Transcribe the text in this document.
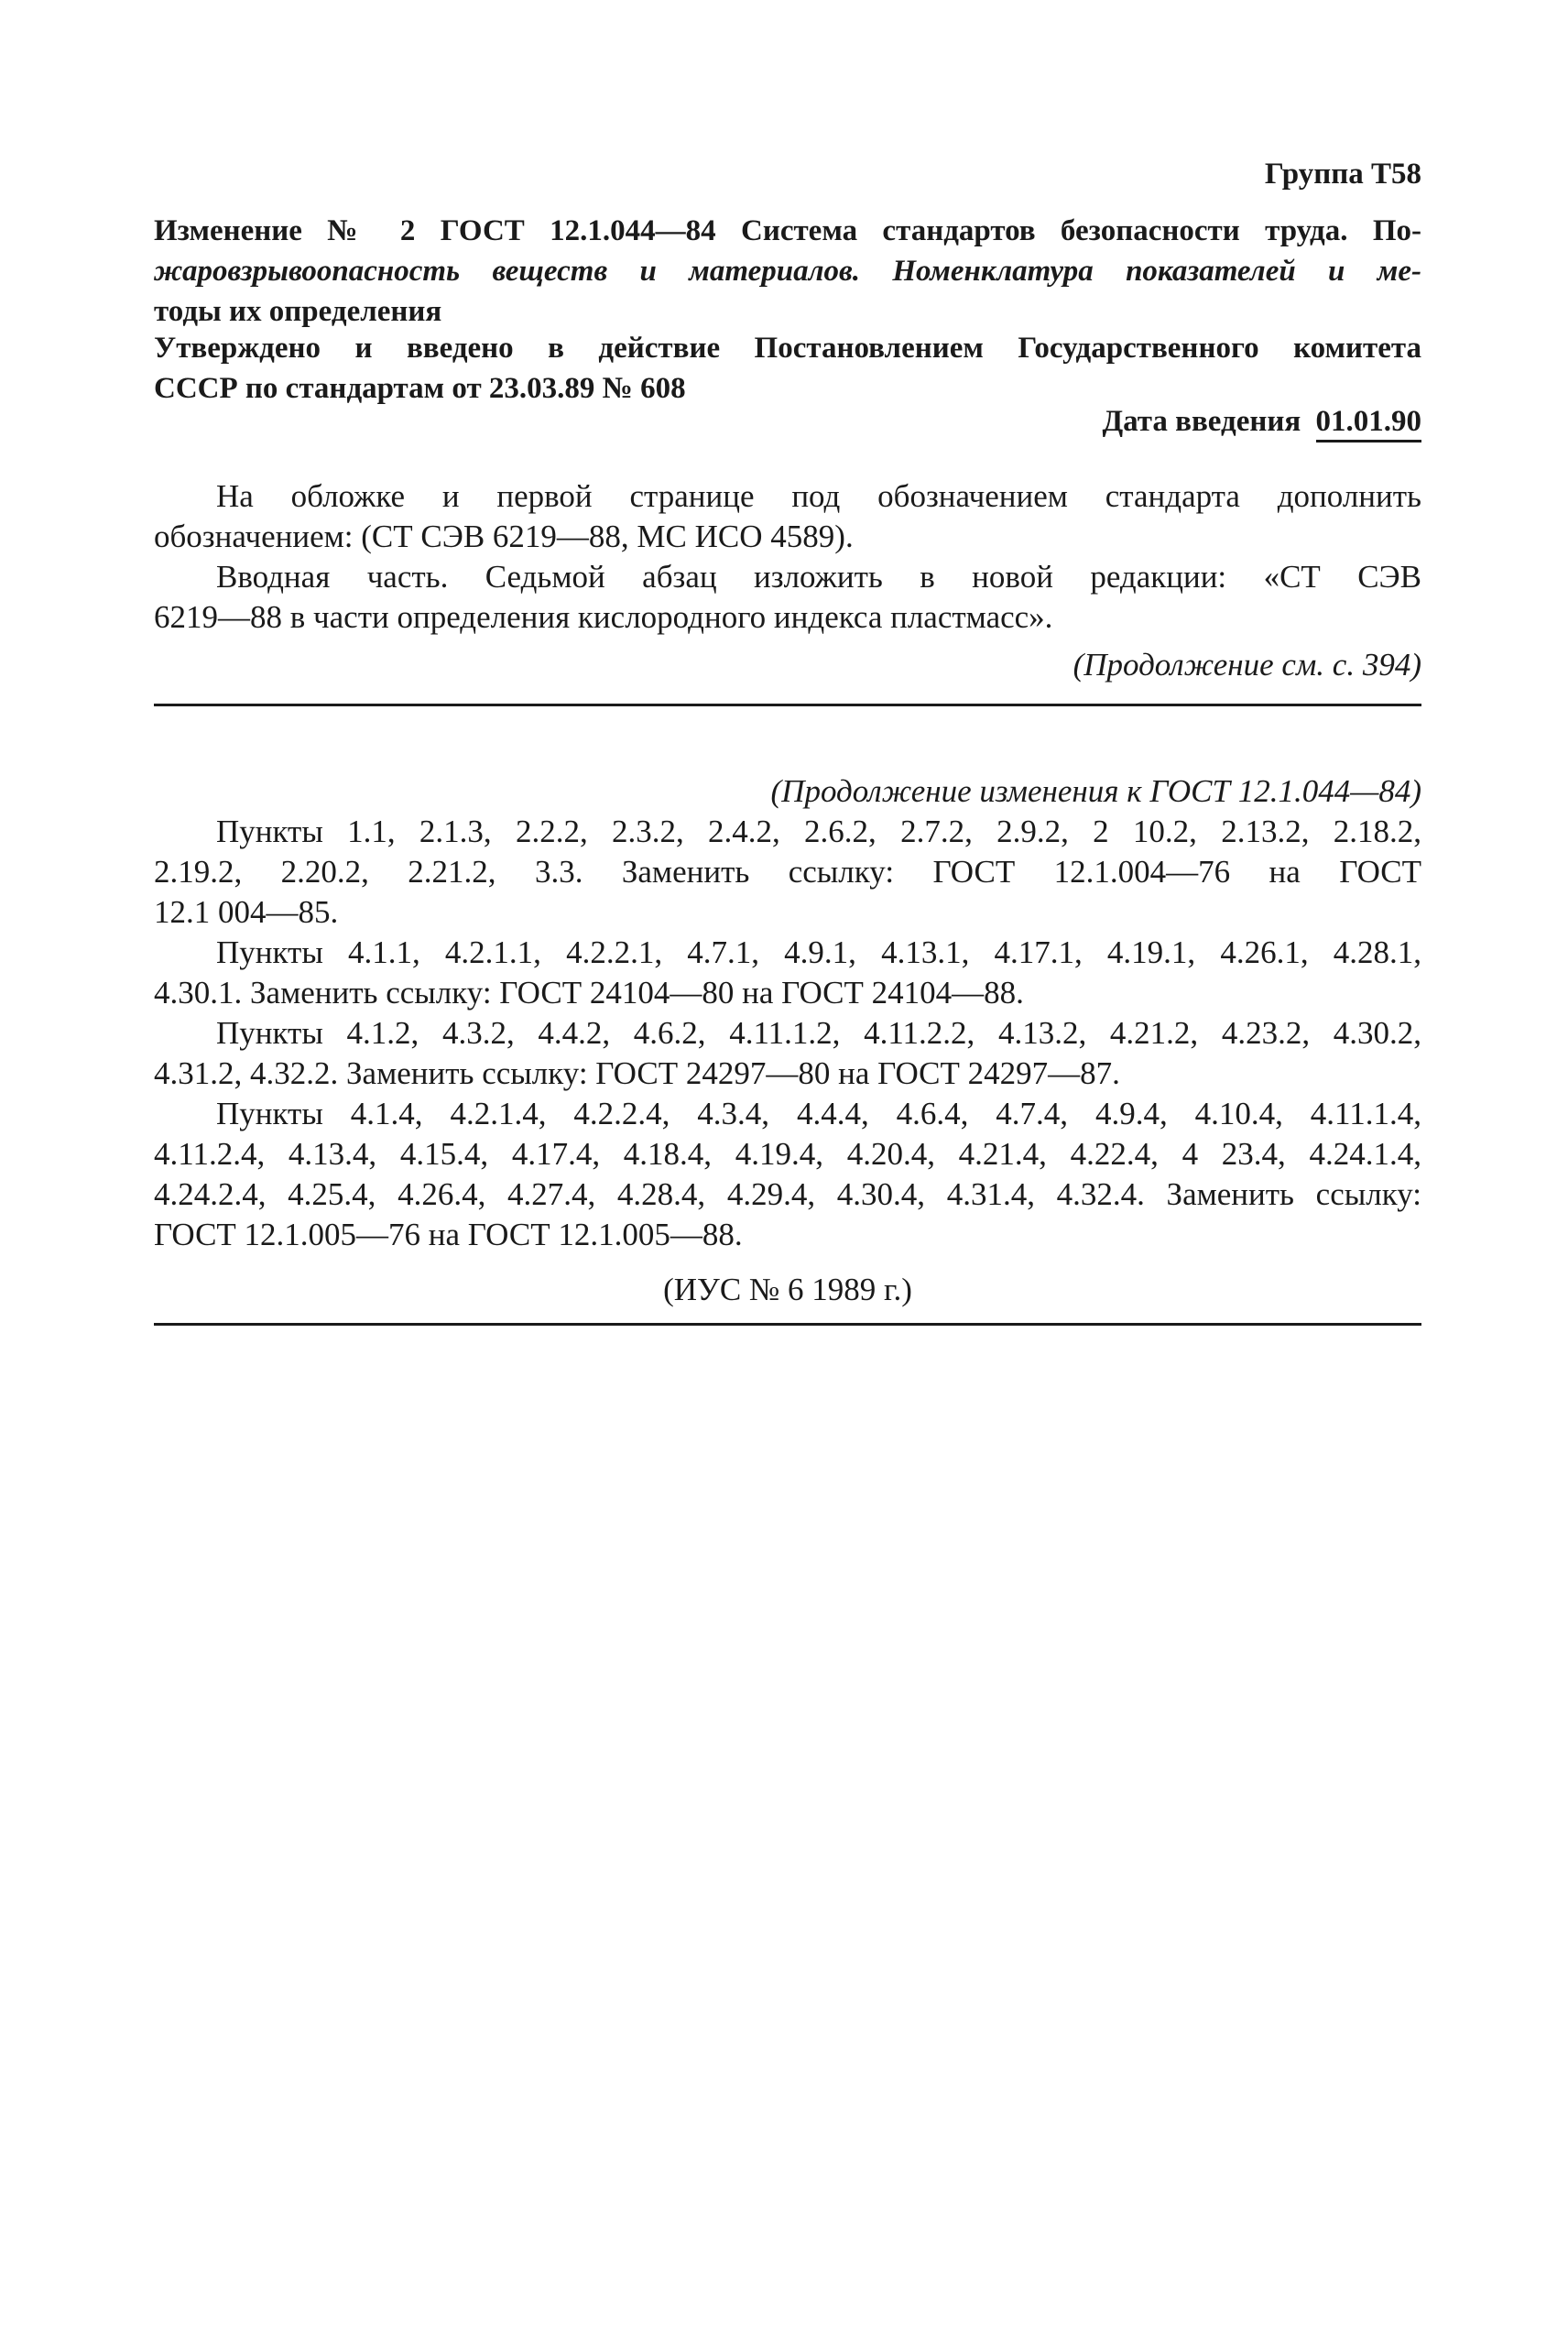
Группа Т58
Изменение № 2 ГОСТ 12.1.044—84 Система стандартов безопасности труда. По-
жаровзрывоопасность веществ и материалов. Номенклатура показателей и ме-
тоды их определения
Утверждено и введено в действие Постановлением Государственного комитета
СССР по стандартам от 23.03.89 № 608
Дата введения 01.01.90
На обложке и первой странице под обозначением стандарта дополнить
обозначением: (СТ СЭВ 6219—88, МС ИСО 4589).
Вводная часть. Седьмой абзац изложить в новой редакции: «СТ СЭВ
6219—88 в части определения кислородного индекса пластмасс».
(Продолжение см. с. 394)
(Продолжение изменения к ГОСТ 12.1.044—84)
Пункты 1.1, 2.1.3, 2.2.2, 2.3.2, 2.4.2, 2.6.2, 2.7.2, 2.9.2, 2 10.2, 2.13.2, 2.18.2,
2.19.2, 2.20.2, 2.21.2, 3.3. Заменить ссылку: ГОСТ 12.1.004—76 на ГОСТ
12.1 004—85.
Пункты 4.1.1, 4.2.1.1, 4.2.2.1, 4.7.1, 4.9.1, 4.13.1, 4.17.1, 4.19.1, 4.26.1, 4.28.1,
4.30.1. Заменить ссылку: ГОСТ 24104—80 на ГОСТ 24104—88.
Пункты 4.1.2, 4.3.2, 4.4.2, 4.6.2, 4.11.1.2, 4.11.2.2, 4.13.2, 4.21.2, 4.23.2, 4.30.2,
4.31.2, 4.32.2. Заменить ссылку: ГОСТ 24297—80 на ГОСТ 24297—87.
Пункты 4.1.4, 4.2.1.4, 4.2.2.4, 4.3.4, 4.4.4, 4.6.4, 4.7.4, 4.9.4, 4.10.4, 4.11.1.4,
4.11.2.4, 4.13.4, 4.15.4, 4.17.4, 4.18.4, 4.19.4, 4.20.4, 4.21.4, 4.22.4, 4 23.4, 4.24.1.4,
4.24.2.4, 4.25.4, 4.26.4, 4.27.4, 4.28.4, 4.29.4, 4.30.4, 4.31.4, 4.32.4. Заменить ссылку:
ГОСТ 12.1.005—76 на ГОСТ 12.1.005—88.
(ИУС № 6 1989 г.)
